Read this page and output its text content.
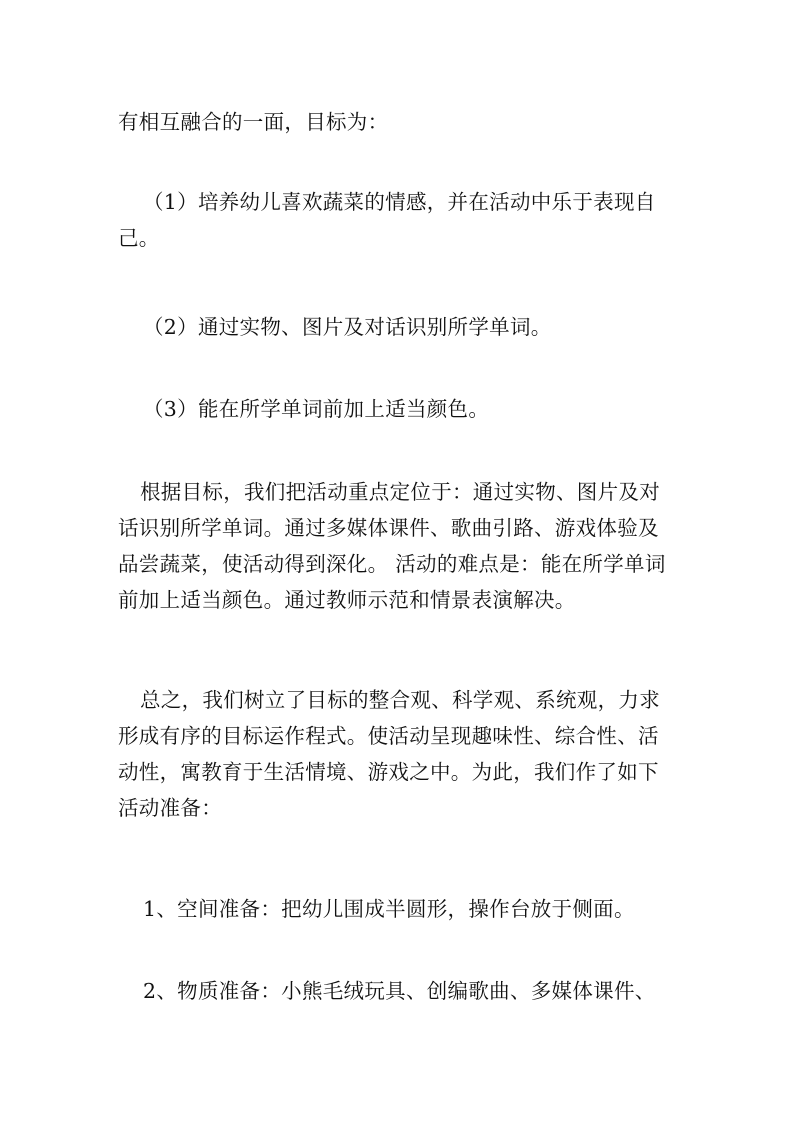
有相互融合的一面，目标为：

（1）培养幼儿喜欢蔬菜的情感，并在活动中乐于表现自

己。

（2）通过实物、图片及对话识别所学单词。

（3）能在所学单词前加上适当颜色。

根据目标，我们把活动重点定位于：通过实物、图片及对
话识别所学单词。通过多媒体课件、歌曲引路、游戏体验及
品尝蔬菜，使活动得到深化。 活动的难点是：能在所学单词
前加上适当颜色。通过教师示范和情景表演解决。

总之，我们树立了目标的整合观、科学观、系统观，力求
形成有序的目标运作程式。使活动呈现趣味性、综合性、活
动性，寓教育于生活情境、游戏之中。为此，我们作了如下
活动准备：

1、空间准备：把幼儿围成半圆形，操作台放于侧面。

2、物质准备：小熊毛绒玩具、创编歌曲、多媒体课件、
